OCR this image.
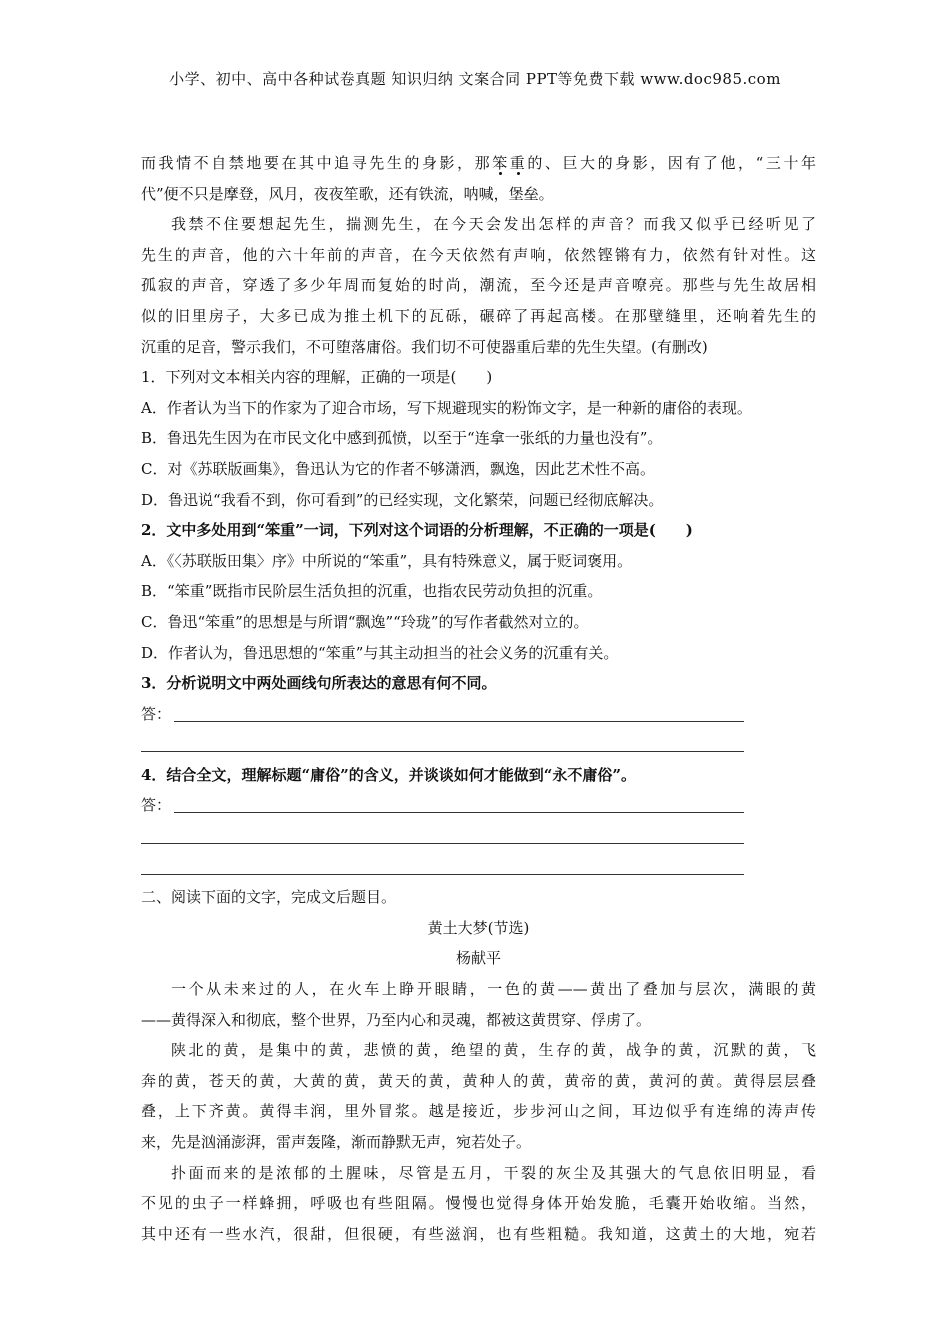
小学、初中、高中各种试卷真题 知识归纳 文案合同 PPT等免费下载 www.doc985.com

而我情不自禁地要在其中追寻先生的身影，那笨重的、巨大的身影，因有了他，“三十年

代”便不只是摩登，风月，夜夜笙歌，还有铁流，呐喊，堡垒。

我禁不住要想起先生，揣测先生，在今天会发出怎样的声音？而我又似乎已经听见了

先生的声音，他的六十年前的声音，在今天依然有声响，依然铿锵有力，依然有针对性。这

孤寂的声音，穿透了多少年周而复始的时尚，潮流，至今还是声音嘹亮。那些与先生故居相

似的旧里房子，大多已成为推土机下的瓦砾，碾碎了再起高楼。在那壁缝里，还响着先生的

沉重的足音，警示我们，不可堕落庸俗。我们切不可使器重后辈的先生失望。(有删改)

1．下列对文本相关内容的理解，正确的一项是(　　)

A．作者认为当下的作家为了迎合市场，写下规避现实的粉饰文字，是一种新的庸俗的表现。

B．鲁迅先生因为在市民文化中感到孤愤，以至于“连拿一张纸的力量也没有”。

C．对《苏联版画集》，鲁迅认为它的作者不够潇洒，飘逸，因此艺术性不高。

D．鲁迅说“我看不到，你可看到”的已经实现，文化繁荣，问题已经彻底解决。

2．文中多处用到“笨重”一词，下列对这个词语的分析理解，不正确的一项是(　　)

A．《〈苏联版田集〉序》中所说的“笨重”，具有特殊意义，属于贬词褒用。

B．“笨重”既指市民阶层生活负担的沉重，也指农民劳动负担的沉重。

C．鲁迅“笨重”的思想是与所谓“飘逸”“玲珑”的写作者截然对立的。

D．作者认为，鲁迅思想的“笨重”与其主动担当的社会义务的沉重有关。

3．分析说明文中两处画线句所表达的意思有何不同。

答：

4．结合全文，理解标题“庸俗”的含义，并谈谈如何才能做到“永不庸俗”。

答：

二、阅读下面的文字，完成文后题目。

黄土大梦(节选)

杨献平

一个从未来过的人，在火车上睁开眼睛，一色的黄——黄出了叠加与层次，满眼的黄

——黄得深入和彻底，整个世界，乃至内心和灵魂，都被这黄贯穿、俘虏了。

陕北的黄，是集中的黄，悲愤的黄，绝望的黄，生存的黄，战争的黄，沉默的黄，飞

奔的黄，苍天的黄，大黄的黄，黄天的黄，黄种人的黄，黄帝的黄，黄河的黄。黄得层层叠

叠，上下齐黄。黄得丰润，里外冒浆。越是接近，步步河山之间，耳边似乎有连绵的涛声传

来，先是汹涌澎湃，雷声轰隆，渐而静默无声，宛若处子。

扑面而来的是浓郁的土腥味，尽管是五月，干裂的灰尘及其强大的气息依旧明显，看

不见的虫子一样蜂拥，呼吸也有些阻隔。慢慢也觉得身体开始发脆，毛囊开始收缩。当然，

其中还有一些水汽，很甜，但很硬，有些滋润，也有些粗糙。我知道，这黄土的大地，宛若
